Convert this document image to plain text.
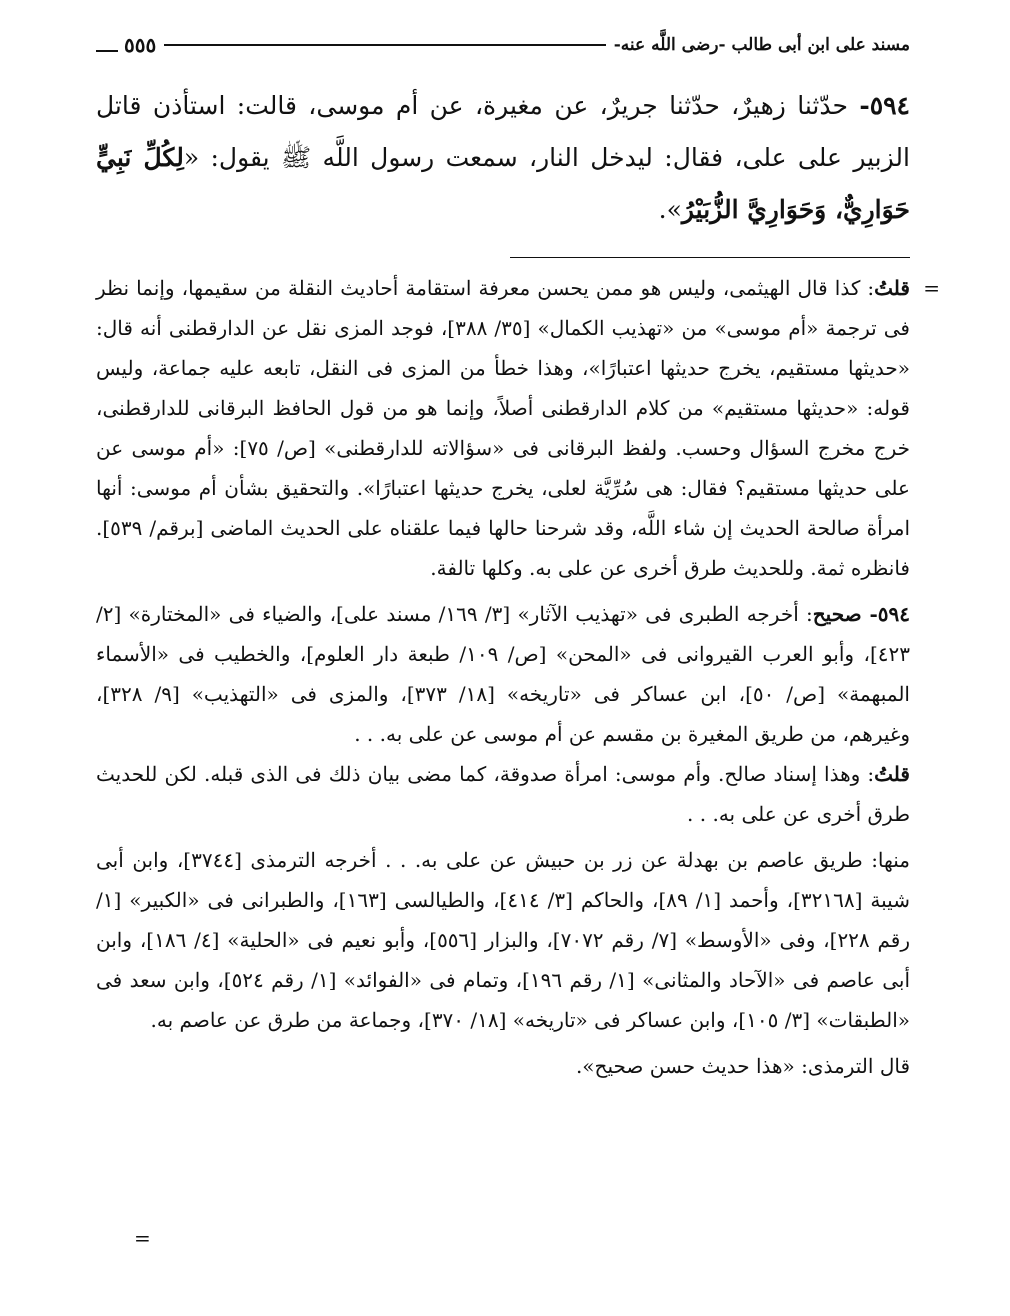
مسند على ابن أبى طالب -رضى اللَّه عنه-
٥٥٥

٥٩٤- حدّثنا زهيرٌ، حدّثنا جريرٌ، عن مغيرة، عن أم موسى، قالت: استأذن قاتل الزبير على على، فقال: ليدخل النار، سمعت رسول اللَّه ﷺ يقول: «لِكُلِّ نَبِيٍّ حَوَارِيٌّ، وَحَوَارِيَّ الزُّبَيْرُ».

=

قلتُ: كذا قال الهيثمى، وليس هو ممن يحسن معرفة استقامة أحاديث النقلة من سقيمها، وإنما نظر فى ترجمة «أم موسى» من «تهذيب الكمال» [٣٥/ ٣٨٨]، فوجد المزى نقل عن الدارقطنى أنه قال: «حديثها مستقيم، يخرج حديثها اعتبارًا»، وهذا خطأ من المزى فى النقل، تابعه عليه جماعة، وليس قوله: «حديثها مستقيم» من كلام الدارقطنى أصلاً، وإنما هو من قول الحافظ البرقانى للدارقطنى، خرج مخرج السؤال وحسب. ولفظ البرقانى فى «سؤالاته للدارقطنى» [ص/ ٧٥]: «أم موسى عن على حديثها مستقيم؟ فقال: هى سُرِّيَّة لعلى، يخرج حديثها اعتبارًا». والتحقيق بشأن أم موسى: أنها امرأة صالحة الحديث إن شاء اللَّه، وقد شرحنا حالها فيما علقناه على الحديث الماضى [برقم/ ٥٣٩]. فانظره ثمة. وللحديث طرق أخرى عن على به. وكلها تالفة.

٥٩٤- صحيح: أخرجه الطبرى فى «تهذيب الآثار» [٣/ ١٦٩/ مسند على]، والضياء فى «المختارة» [٢/ ٤٢٣]، وأبو العرب القيروانى فى «المحن» [ص/ ١٠٩/ طبعة دار العلوم]، والخطيب فى «الأسماء المبهمة» [ص/ ٥٠]، ابن عساكر فى «تاريخه» [١٨/ ٣٧٣]، والمزى فى «التهذيب» [٩/ ٣٢٨]، وغيرهم، من طريق المغيرة بن مقسم عن أم موسى عن على به. . .

قلتُ: وهذا إسناد صالح. وأم موسى: امرأة صدوقة، كما مضى بيان ذلك فى الذى قبله. لكن للحديث طرق أخرى عن على به. . .

منها: طريق عاصم بن بهدلة عن زر بن حبيش عن على به. . . أخرجه الترمذى [٣٧٤٤]، وابن أبى شيبة [٣٢١٦٨]، وأحمد [١/ ٨٩]، والحاكم [٣/ ٤١٤]، والطيالسى [١٦٣]، والطبرانى فى «الكبير» [١/ رقم ٢٢٨]، وفى «الأوسط» [٧/ رقم ٧٠٧٢]، والبزار [٥٥٦]، وأبو نعيم فى «الحلية» [٤/ ١٨٦]، وابن أبى عاصم فى «الآحاد والمثانى» [١/ رقم ١٩٦]، وتمام فى «الفوائد» [١/ رقم ٥٢٤]، وابن سعد فى «الطبقات» [٣/ ١٠٥]، وابن عساكر فى «تاريخه» [١٨/ ٣٧٠]، وجماعة من طرق عن عاصم به.

قال الترمذى: «هذا حديث حسن صحيح».

=
